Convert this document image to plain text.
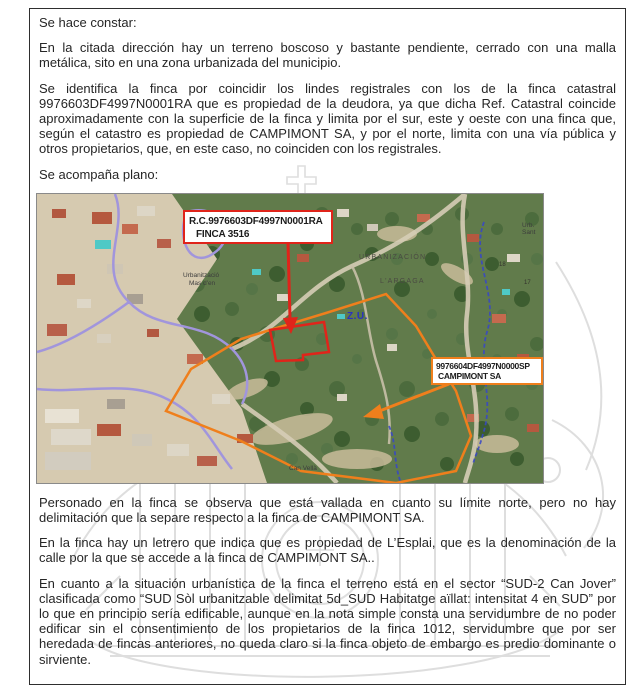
Se hace constar:

En la citada dirección hay un terreno boscoso y bastante pendiente, cerrado con una malla metálica, sito en una zona urbanizada del municipio.

Se identifica la finca por coincidir los lindes registrales con los de la finca catastral 9976603DF4997N0001RA que es propiedad de la deudora, ya que dicha Ref. Catastral coincide aproximadamente con la superficie de la finca y limita por el sur, este y oeste con una finca que, según el catastro es propiedad de CAMPIMONT SA, y por el norte, limita con una vía pública y otros propietarios, que, en este caso, no coinciden con los registrales.

Se acompaña plano:

R.C.9976603DF4997N0001RA
FINCA 3516
9976604DF4997N0000SP
CAMPIMONT SA
Z.U.
URBANIZACIÓN
L'ARGAGA
Urbanització
Mas d'en
Urb. Sant
Can Vellà
18
17

Personado en la finca se observa que está vallada en cuanto su límite norte, pero no hay delimitación que la separe respecto a la finca de CAMPIMONT SA.

En la finca hay un letrero que indica que es propiedad de L’Esplai, que es la denominación de la calle por la que se accede a la finca de CAMPIMONT SA..

En cuanto a la situación urbanística de la finca el terreno está en el sector “SUD-2 Can Jover” clasificada como “SUD Sòl urbanitzable delimitat 5d_SUD Habitatge aïllat: intensitat 4 en SUD” por lo que en principio sería edificable, aunque en la nota simple consta una servidumbre de no poder edificar sin el consentimiento de los propietarios de la finca 1012, servidumbre que por ser heredada de fincas anteriores, no queda claro si la finca objeto de embargo es predio dominante o sirviente.
